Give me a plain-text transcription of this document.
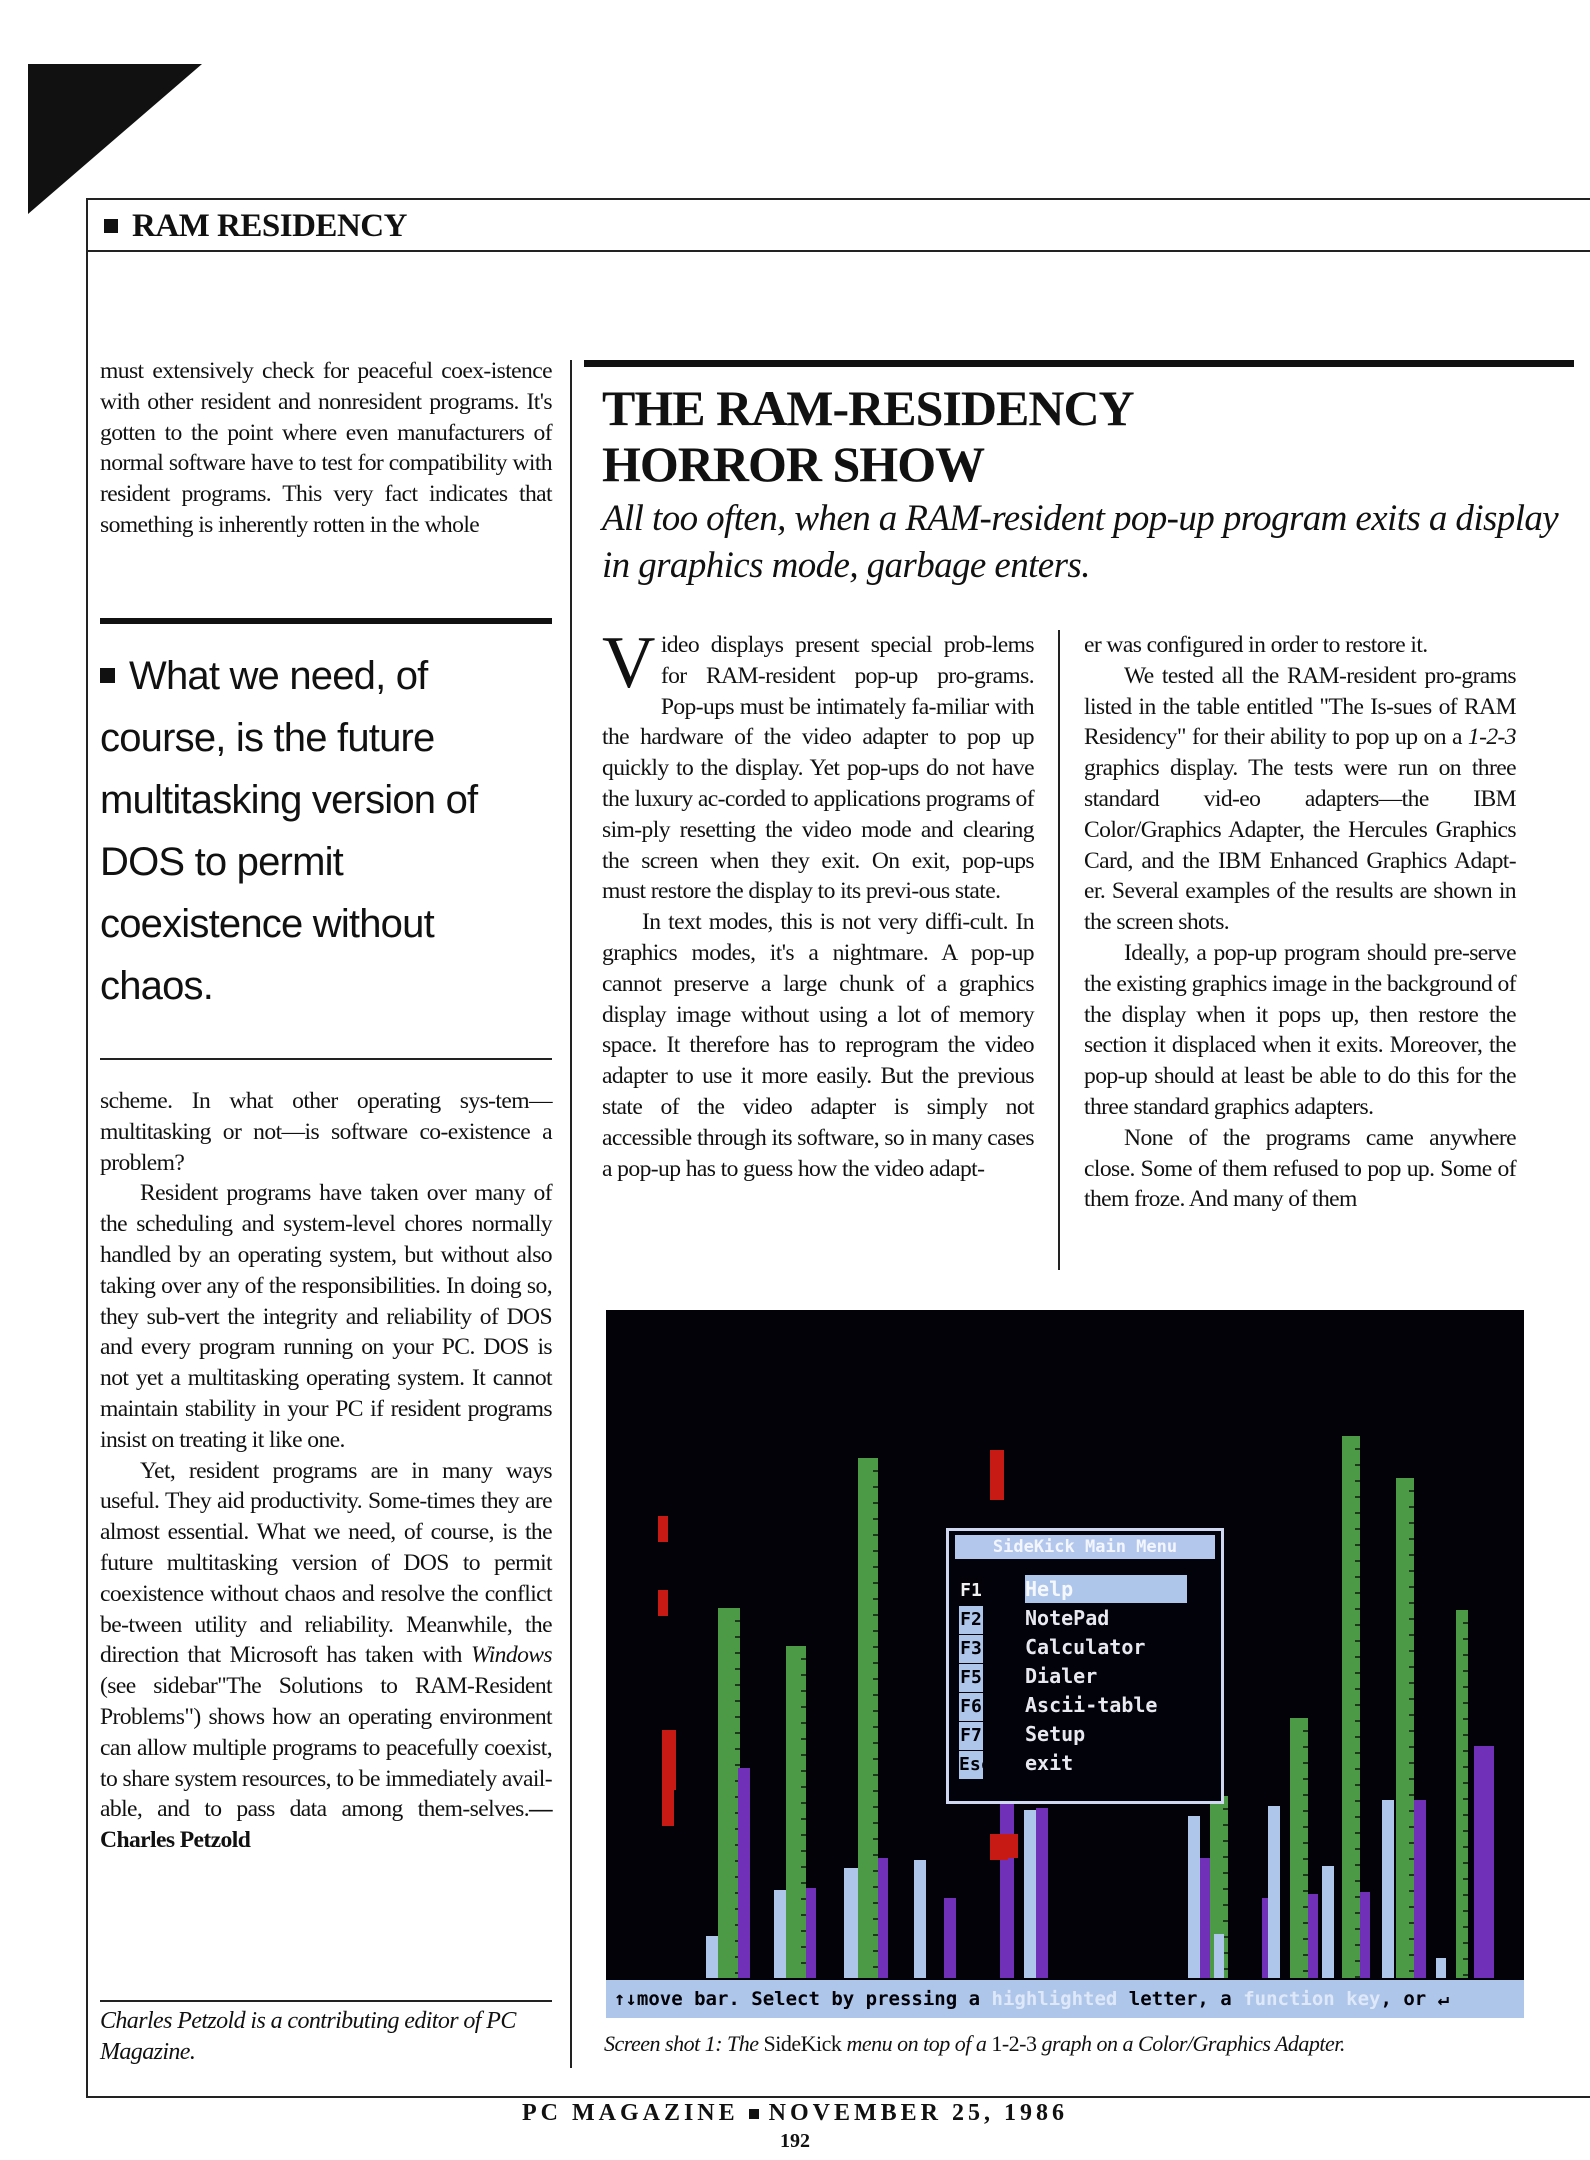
RAM RESIDENCY

must extensively check for peaceful coex-istence with other resident and nonresident programs. It's gotten to the point where even manufacturers of normal software have to test for compatibility with resident programs. This very fact indicates that something is inherently rotten in the whole

What we need, of course, is the future multitasking version of DOS to permit coexistence without chaos.

scheme. In what other operating sys-tem—multitasking or not—is software co-existence a problem?

Resident programs have taken over many of the scheduling and system-level chores normally handled by an operating system, but without also taking over any of the responsibilities. In doing so, they sub-vert the integrity and reliability of DOS and every program running on your PC. DOS is not yet a multitasking operating system. It cannot maintain stability in your PC if resident programs insist on treating it like one.

Yet, resident programs are in many ways useful. They aid productivity. Some-times they are almost essential. What we need, of course, is the future multitasking version of DOS to permit coexistence without chaos and resolve the conflict be-tween utility and reliability. Meanwhile, the direction that Microsoft has taken with Windows (see sidebar"The Solutions to RAM-Resident Problems") shows how an operating environment can allow multiple programs to peacefully coexist, to share system resources, to be immediately avail-able, and to pass data among them-selves.—Charles Petzold

Charles Petzold is a contributing editor of PC Magazine.
THE RAM-RESIDENCY
HORROR SHOW
All too often, when a RAM-resident pop-up program exits a display in graphics mode, garbage enters.

Video displays present special prob-lems for RAM-resident pop-up pro-grams. Pop-ups must be intimately fa-miliar with the hardware of the video adapter to pop up quickly to the display. Yet pop-ups do not have the luxury ac-corded to applications programs of sim-ply resetting the video mode and clearing the screen when they exit. On exit, pop-ups must restore the display to its previ-ous state.

In text modes, this is not very diffi-cult. In graphics modes, it's a nightmare. A pop-up cannot preserve a large chunk of a graphics display image without using a lot of memory space. It therefore has to reprogram the video adapter to use it more easily. But the previous state of the video adapter is simply not accessible through its software, so in many cases a pop-up has to guess how the video adapt-

er was configured in order to restore it.

We tested all the RAM-resident pro-grams listed in the table entitled "The Is-sues of RAM Residency" for their ability to pop up on a 1-2-3 graphics display. The tests were run on three standard vid-eo adapters—the IBM Color/Graphics Adapter, the Hercules Graphics Card, and the IBM Enhanced Graphics Adapt-er. Several examples of the results are shown in the screen shots.

Ideally, a pop-up program should pre-serve the existing graphics image in the background of the display when it pops up, then restore the section it displaced when it exits. Moreover, the pop-up should at least be able to do this for the three standard graphics adapters.

None of the programs came anywhere close. Some of them refused to pop up. Some of them froze. And many of them

SideKick Main Menu
F1 Help
F2 NotePad
F3 Calculator
F5 Dialer
F6 Ascii-table
F7 Setup
Esc exit
↑↓move bar. Select by pressing a highlighted letter, a function key, or ↵
Screen shot 1: The SideKick menu on top of a 1-2-3 graph on a Color/Graphics Adapter.
PC MAGAZINE NOVEMBER 25, 1986
192
